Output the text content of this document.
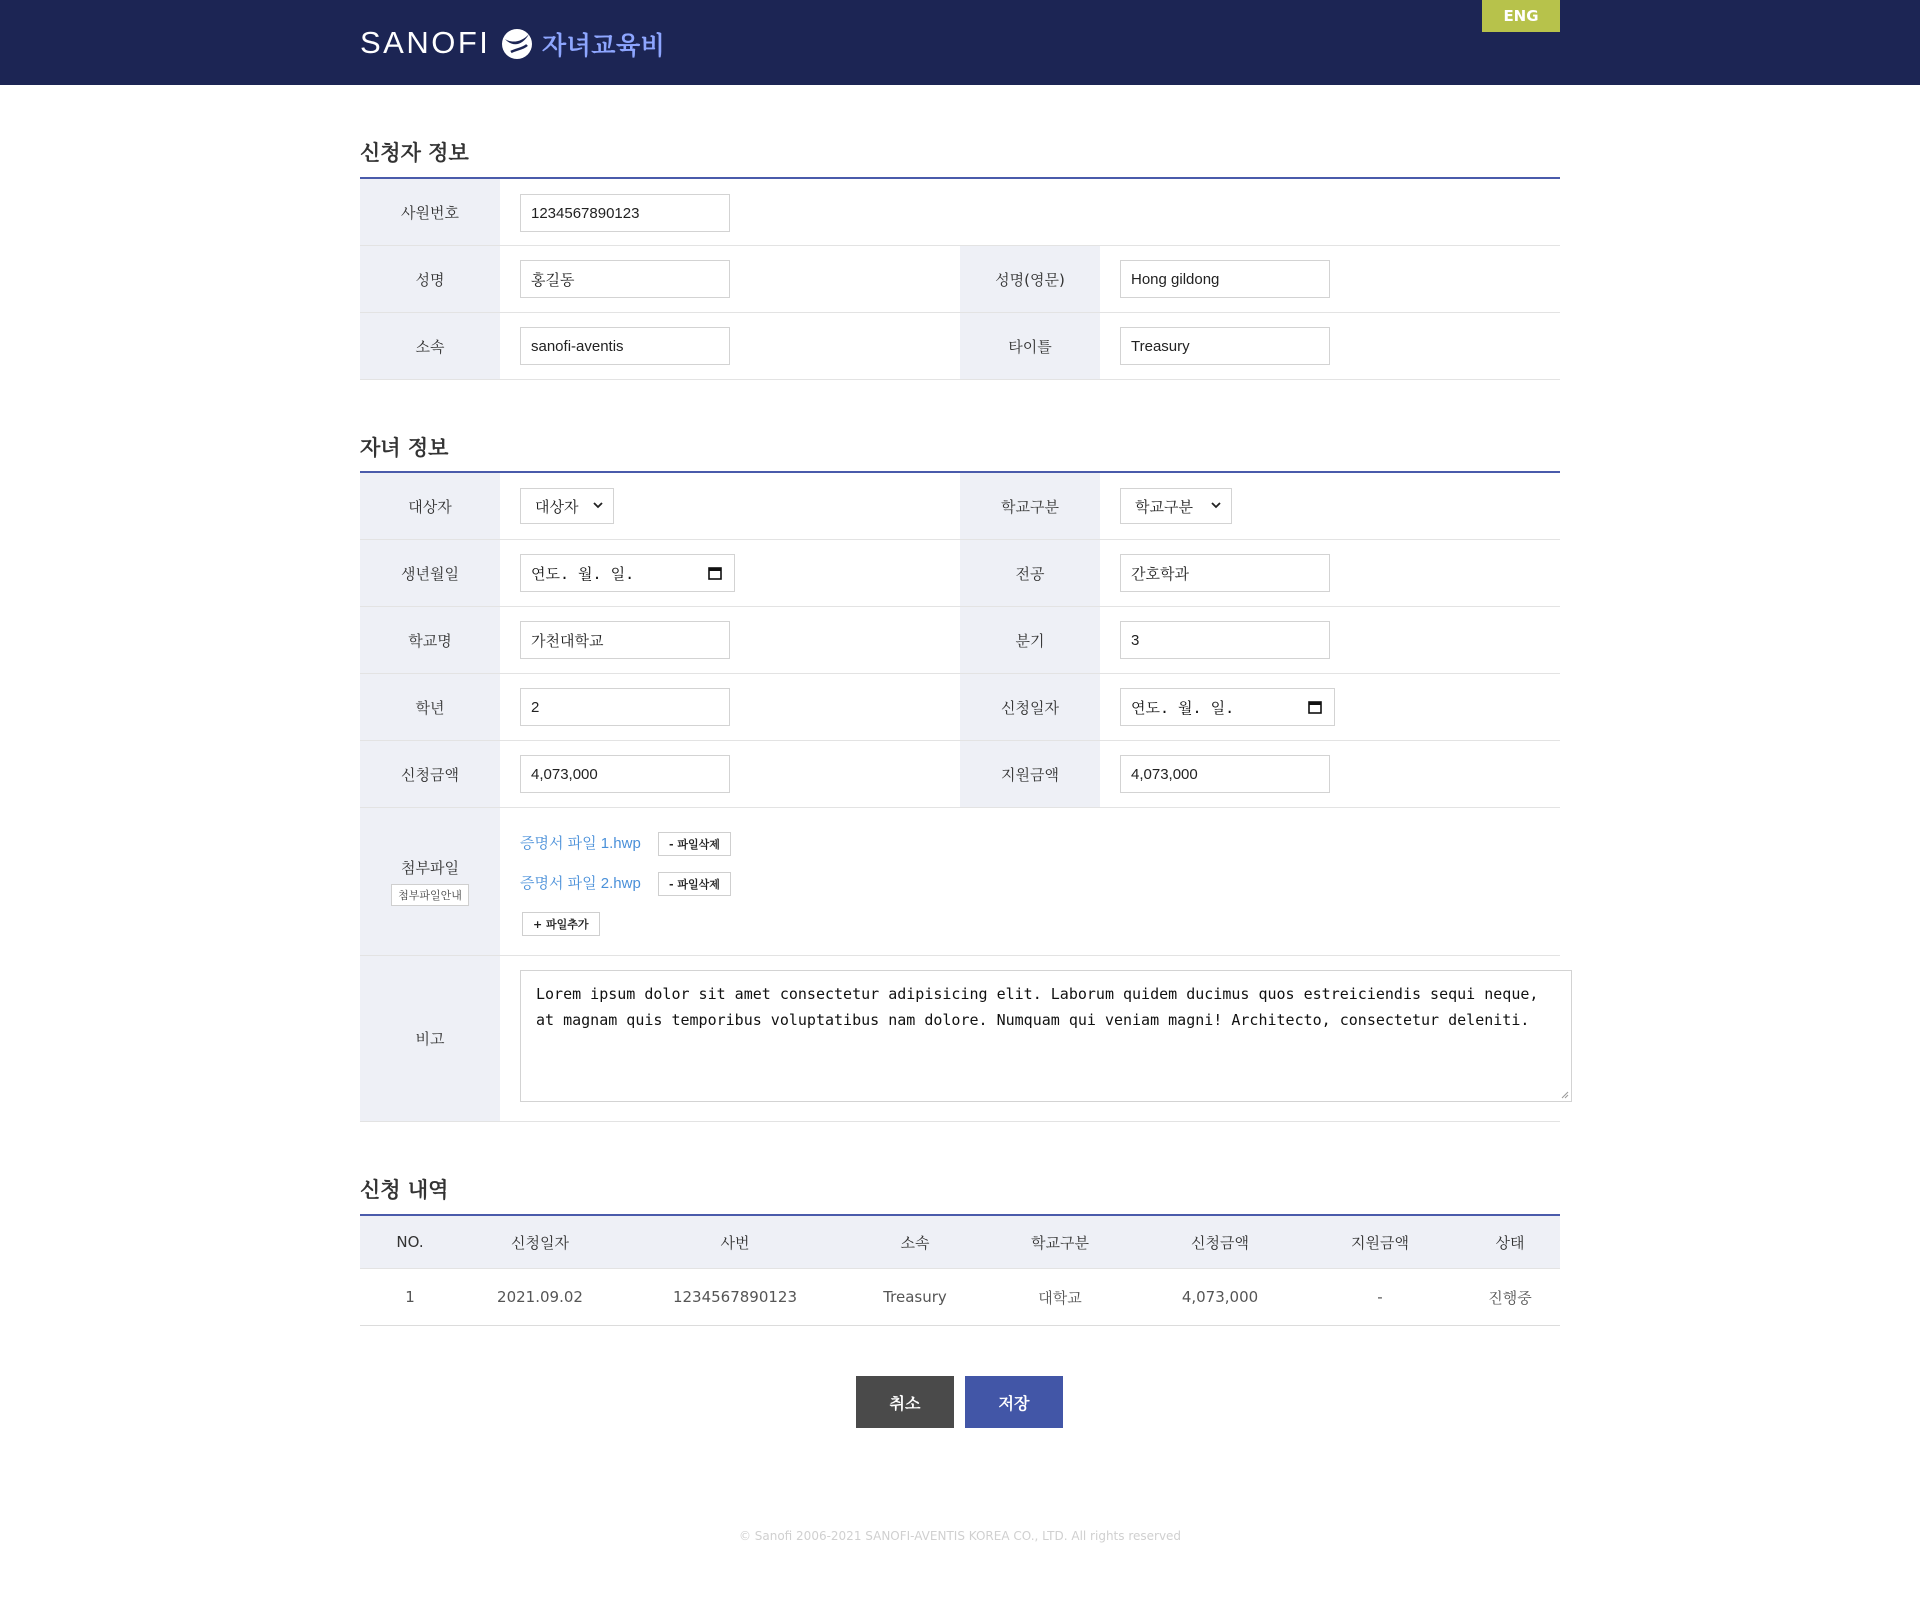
SANOFI 자녀교육비
ENG
신청자 정보
사원번호	1234567890123
성명	홍길동	성명(영문)	Hong gildong
소속	sanofi-aventis	타이틀	Treasury
자녀 정보
대상자	대상자	학교구분	학교구분
생년월일	연도. 월. 일.	전공	간호학과
학교명	가천대학교	분기	3
학년	2	신청일자	연도. 월. 일.
신청금액	4,073,000	지원금액	4,073,000
첨부파일
첨부파일안내
증명서 파일 1.hwp	- 파일삭제
증명서 파일 2.hwp	- 파일삭제
+ 파일추가
비고
Lorem ipsum dolor sit amet consectetur adipisicing elit. Laborum quidem ducimus quos estreiciendis sequi neque, at magnam quis temporibus voluptatibus nam dolore. Numquam qui veniam magni! Architecto, consectetur deleniti.
신청 내역
NO.	신청일자	사번	소속	학교구분	신청금액	지원금액	상태
1	2021.09.02	1234567890123	Treasury	대학교	4,073,000	-	진행중
취소	저장
© Sanofi 2006-2021 SANOFI-AVENTIS KOREA CO., LTD. All rights reserved
